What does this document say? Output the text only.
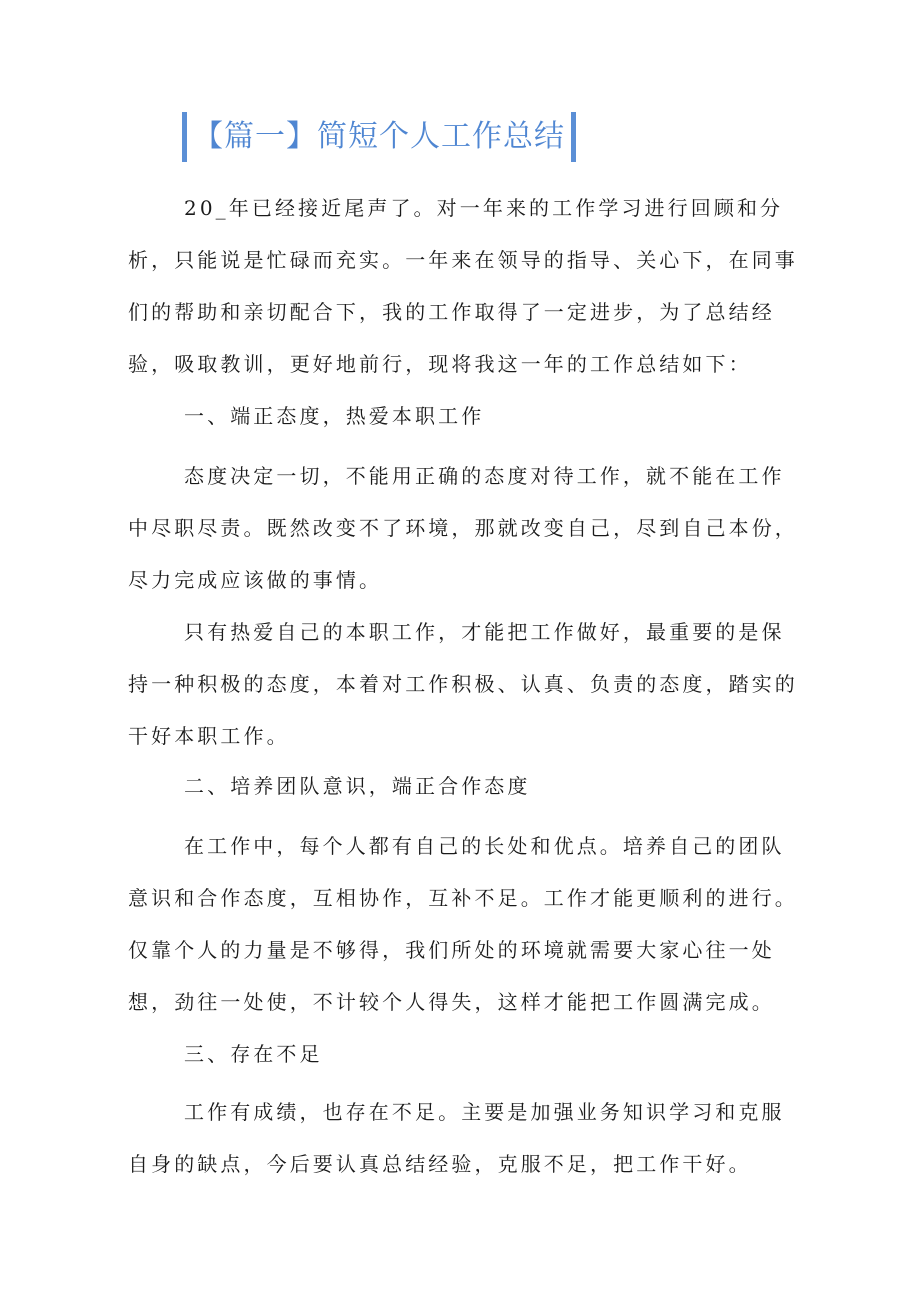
【篇一】简短个人工作总结

20_年已经接近尾声了。对一年来的工作学习进行回顾和分析，只能说是忙碌而充实。一年来在领导的指导、关心下，在同事们的帮助和亲切配合下，我的工作取得了一定进步，为了总结经验，吸取教训，更好地前行，现将我这一年的工作总结如下：

一、端正态度，热爱本职工作

态度决定一切，不能用正确的态度对待工作，就不能在工作中尽职尽责。既然改变不了环境，那就改变自己，尽到自己本份，尽力完成应该做的事情。

只有热爱自己的本职工作，才能把工作做好，最重要的是保持一种积极的态度，本着对工作积极、认真、负责的态度，踏实的干好本职工作。

二、培养团队意识，端正合作态度

在工作中，每个人都有自己的长处和优点。培养自己的团队意识和合作态度，互相协作，互补不足。工作才能更顺利的进行。仅靠个人的力量是不够得，我们所处的环境就需要大家心往一处想，劲往一处使，不计较个人得失，这样才能把工作圆满完成。

三、存在不足

工作有成绩，也存在不足。主要是加强业务知识学习和克服自身的缺点，今后要认真总结经验，克服不足，把工作干好。
